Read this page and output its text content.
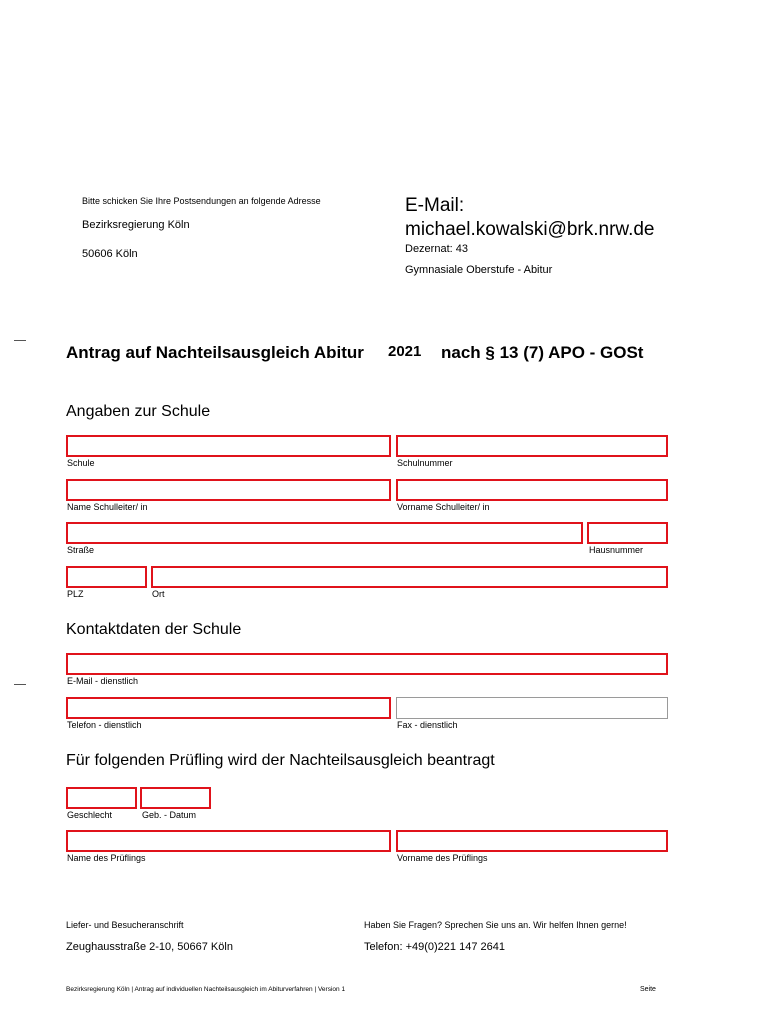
Bitte schicken Sie Ihre Postsendungen an folgende Adresse
Bezirksregierung Köln
50606 Köln
E-Mail:
michael.kowalski@brk.nrw.de
Dezernat: 43
Gymnasiale Oberstufe - Abitur
Antrag auf Nachteilsausgleich Abitur 2021 nach § 13 (7) APO - GOSt
Angaben zur Schule
Schule	Schulnummer
Name Schulleiter/ in	Vorname Schulleiter/ in
Straße	Hausnummer
PLZ	Ort
Kontaktdaten der Schule
E-Mail - dienstlich
Telefon - dienstlich	Fax - dienstlich
Für folgenden Prüfling wird der Nachteilsausgleich beantragt
Geschlecht	Geb. - Datum
Name des Prüflings	Vorname des Prüflings
Liefer- und Besucheranschrift
Zeughausstraße 2-10, 50667 Köln
Haben Sie Fragen? Sprechen Sie uns an. Wir helfen Ihnen gerne!
Telefon: +49(0)221 147 2641
Bezirksregierung Köln | Antrag auf individuellen Nachteilsausgleich im Abiturverfahren | Version 1	Seite
